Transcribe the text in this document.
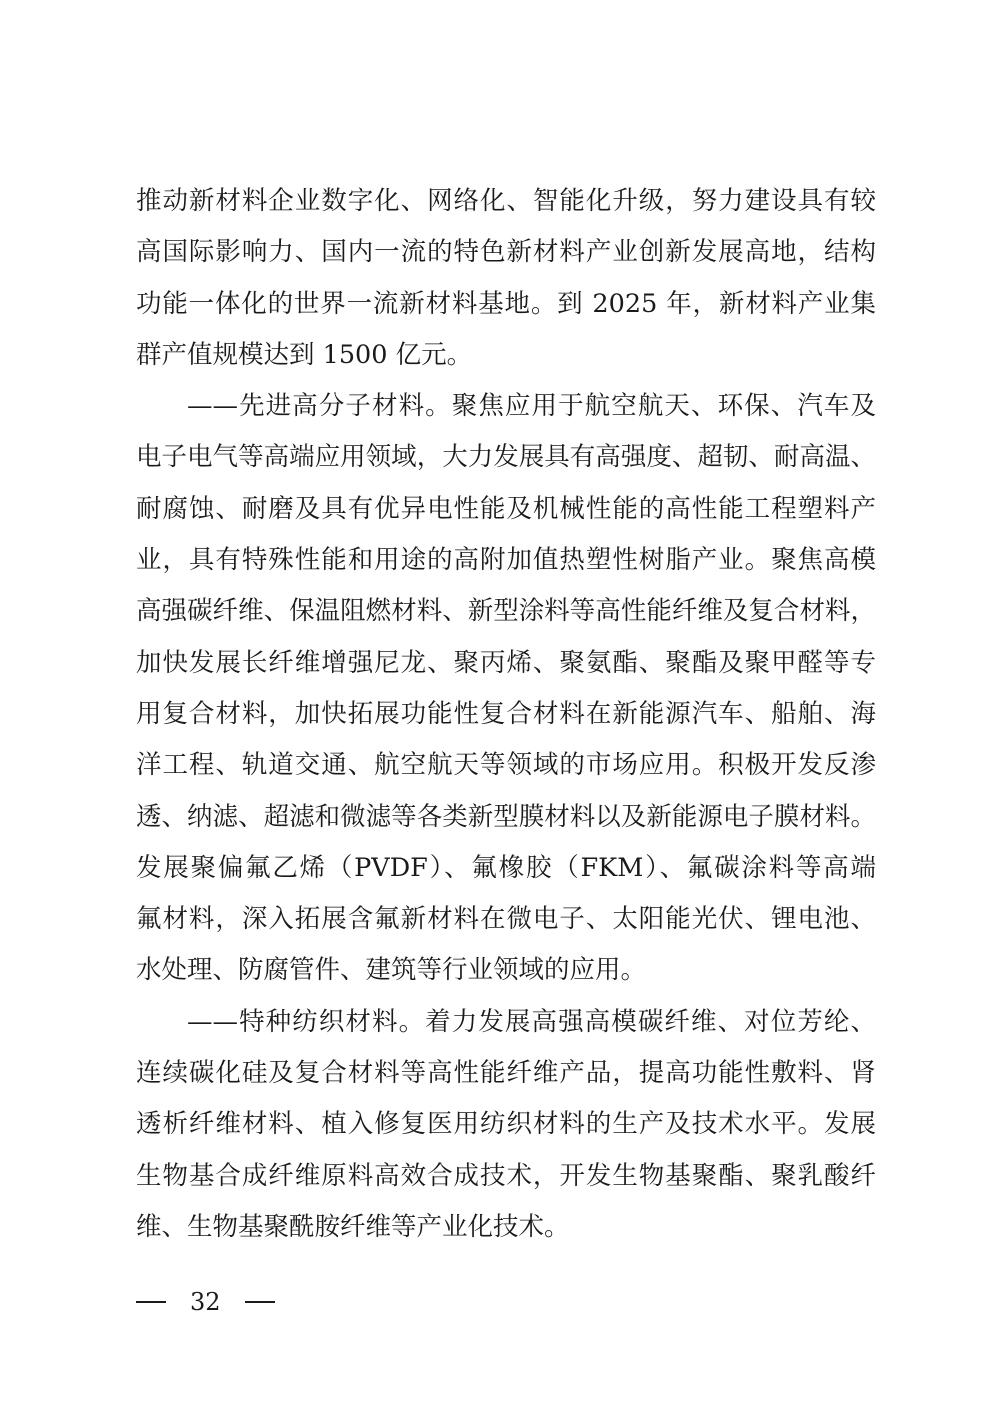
推动新材料企业数字化、网络化、智能化升级，努力建设具有较
高国际影响力、国内一流的特色新材料产业创新发展高地，结构
功能一体化的世界一流新材料基地。到 2025 年，新材料产业集
群产值规模达到 1500 亿元。
——先进高分子材料。聚焦应用于航空航天、环保、汽车及
电子电气等高端应用领域，大力发展具有高强度、超韧、耐高温、
耐腐蚀、耐磨及具有优异电性能及机械性能的高性能工程塑料产
业，具有特殊性能和用途的高附加值热塑性树脂产业。聚焦高模
高强碳纤维、保温阻燃材料、新型涂料等高性能纤维及复合材料，
加快发展长纤维增强尼龙、聚丙烯、聚氨酯、聚酯及聚甲醛等专
用复合材料，加快拓展功能性复合材料在新能源汽车、船舶、海
洋工程、轨道交通、航空航天等领域的市场应用。积极开发反渗
透、纳滤、超滤和微滤等各类新型膜材料以及新能源电子膜材料。
发展聚偏氟乙烯（PVDF）、氟橡胶（FKM）、氟碳涂料等高端
氟材料，深入拓展含氟新材料在微电子、太阳能光伏、锂电池、
水处理、防腐管件、建筑等行业领域的应用。
——特种纺织材料。着力发展高强高模碳纤维、对位芳纶、
连续碳化硅及复合材料等高性能纤维产品，提高功能性敷料、肾
透析纤维材料、植入修复医用纺织材料的生产及技术水平。发展
生物基合成纤维原料高效合成技术，开发生物基聚酯、聚乳酸纤
维、生物基聚酰胺纤维等产业化技术。
32
